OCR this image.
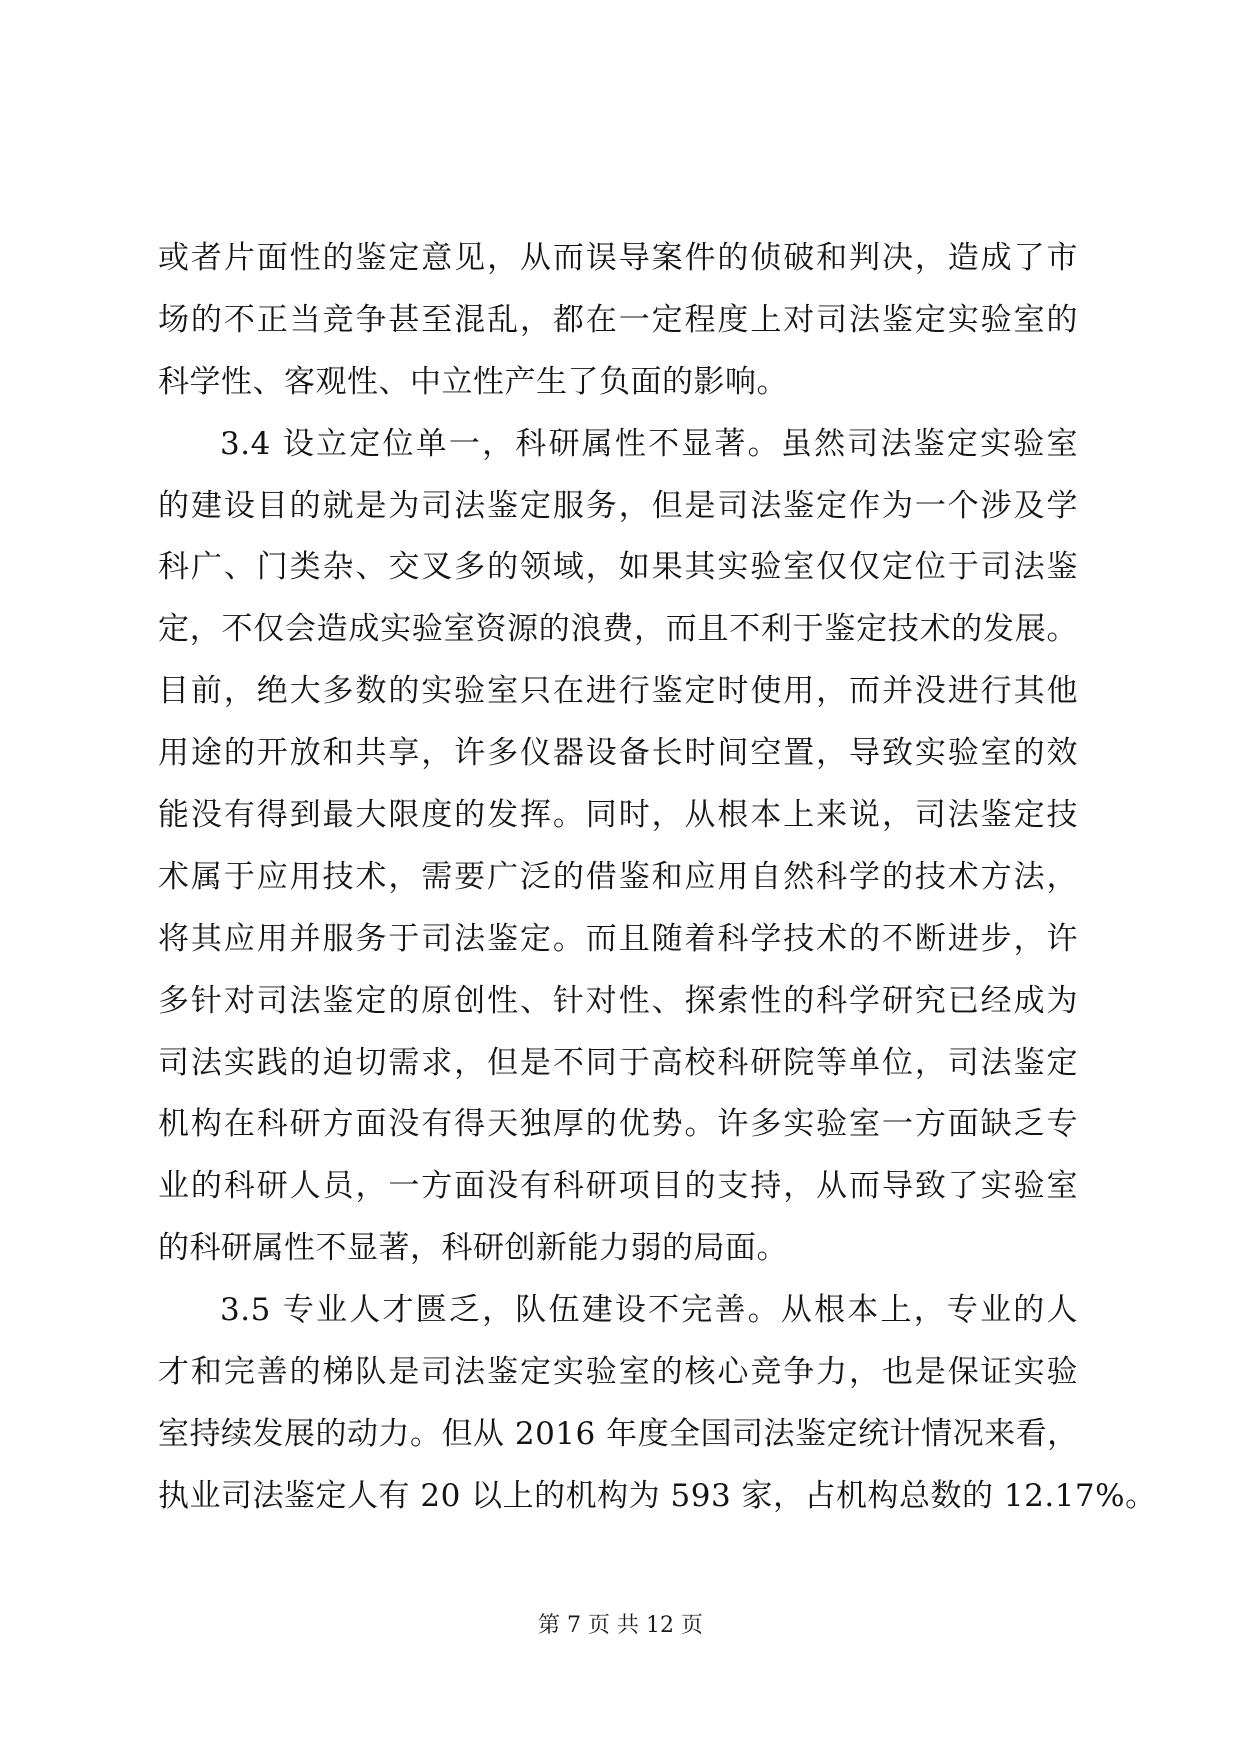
或者片面性的鉴定意见，从而误导案件的侦破和判决，造成了市
场的不正当竞争甚至混乱，都在一定程度上对司法鉴定实验室的
科学性、客观性、中立性产生了负面的影响。
3.4 设立定位单一，科研属性不显著。虽然司法鉴定实验室
的建设目的就是为司法鉴定服务，但是司法鉴定作为一个涉及学
科广、门类杂、交叉多的领域，如果其实验室仅仅定位于司法鉴
定，不仅会造成实验室资源的浪费，而且不利于鉴定技术的发展。
目前，绝大多数的实验室只在进行鉴定时使用，而并没进行其他
用途的开放和共享，许多仪器设备长时间空置，导致实验室的效
能没有得到最大限度的发挥。同时，从根本上来说，司法鉴定技
术属于应用技术，需要广泛的借鉴和应用自然科学的技术方法，
将其应用并服务于司法鉴定。而且随着科学技术的不断进步，许
多针对司法鉴定的原创性、针对性、探索性的科学研究已经成为
司法实践的迫切需求，但是不同于高校科研院等单位，司法鉴定
机构在科研方面没有得天独厚的优势。许多实验室一方面缺乏专
业的科研人员，一方面没有科研项目的支持，从而导致了实验室
的科研属性不显著，科研创新能力弱的局面。
3.5 专业人才匮乏，队伍建设不完善。从根本上，专业的人
才和完善的梯队是司法鉴定实验室的核心竞争力，也是保证实验
室持续发展的动力。但从 2016 年度全国司法鉴定统计情况来看，
执业司法鉴定人有 20 以上的机构为 593 家，占机构总数的 12.17%。
第 7 页 共 12 页
